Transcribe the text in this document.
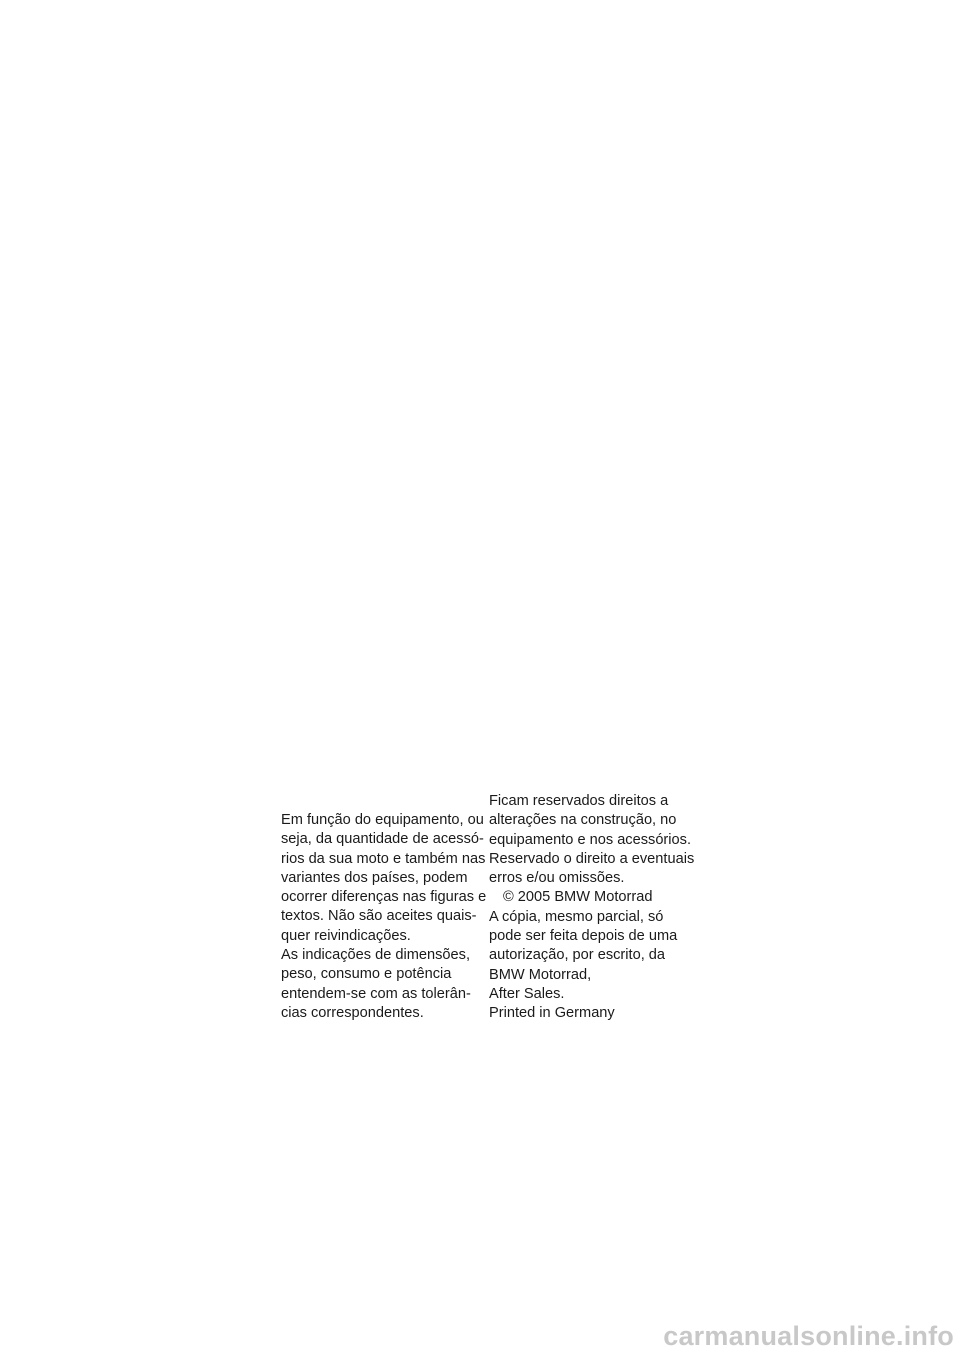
Em função do equipamento, ou
seja, da quantidade de acessó-
rios da sua moto e também nas
variantes dos países, podem
ocorrer diferenças nas figuras e
textos. Não são aceites quais-
quer reivindicações.
As indicações de dimensões,
peso, consumo e potência
entendem-se com as tolerân-
cias correspondentes.
Ficam reservados direitos a
alterações na construção, no
equipamento e nos acessórios.
Reservado o direito a eventuais
erros e/ou omissões.
© 2005 BMW Motorrad
A cópia, mesmo parcial, só
pode ser feita depois de uma
autorização, por escrito, da
BMW Motorrad,
After Sales.
Printed in Germany
carmanualsonline.info
